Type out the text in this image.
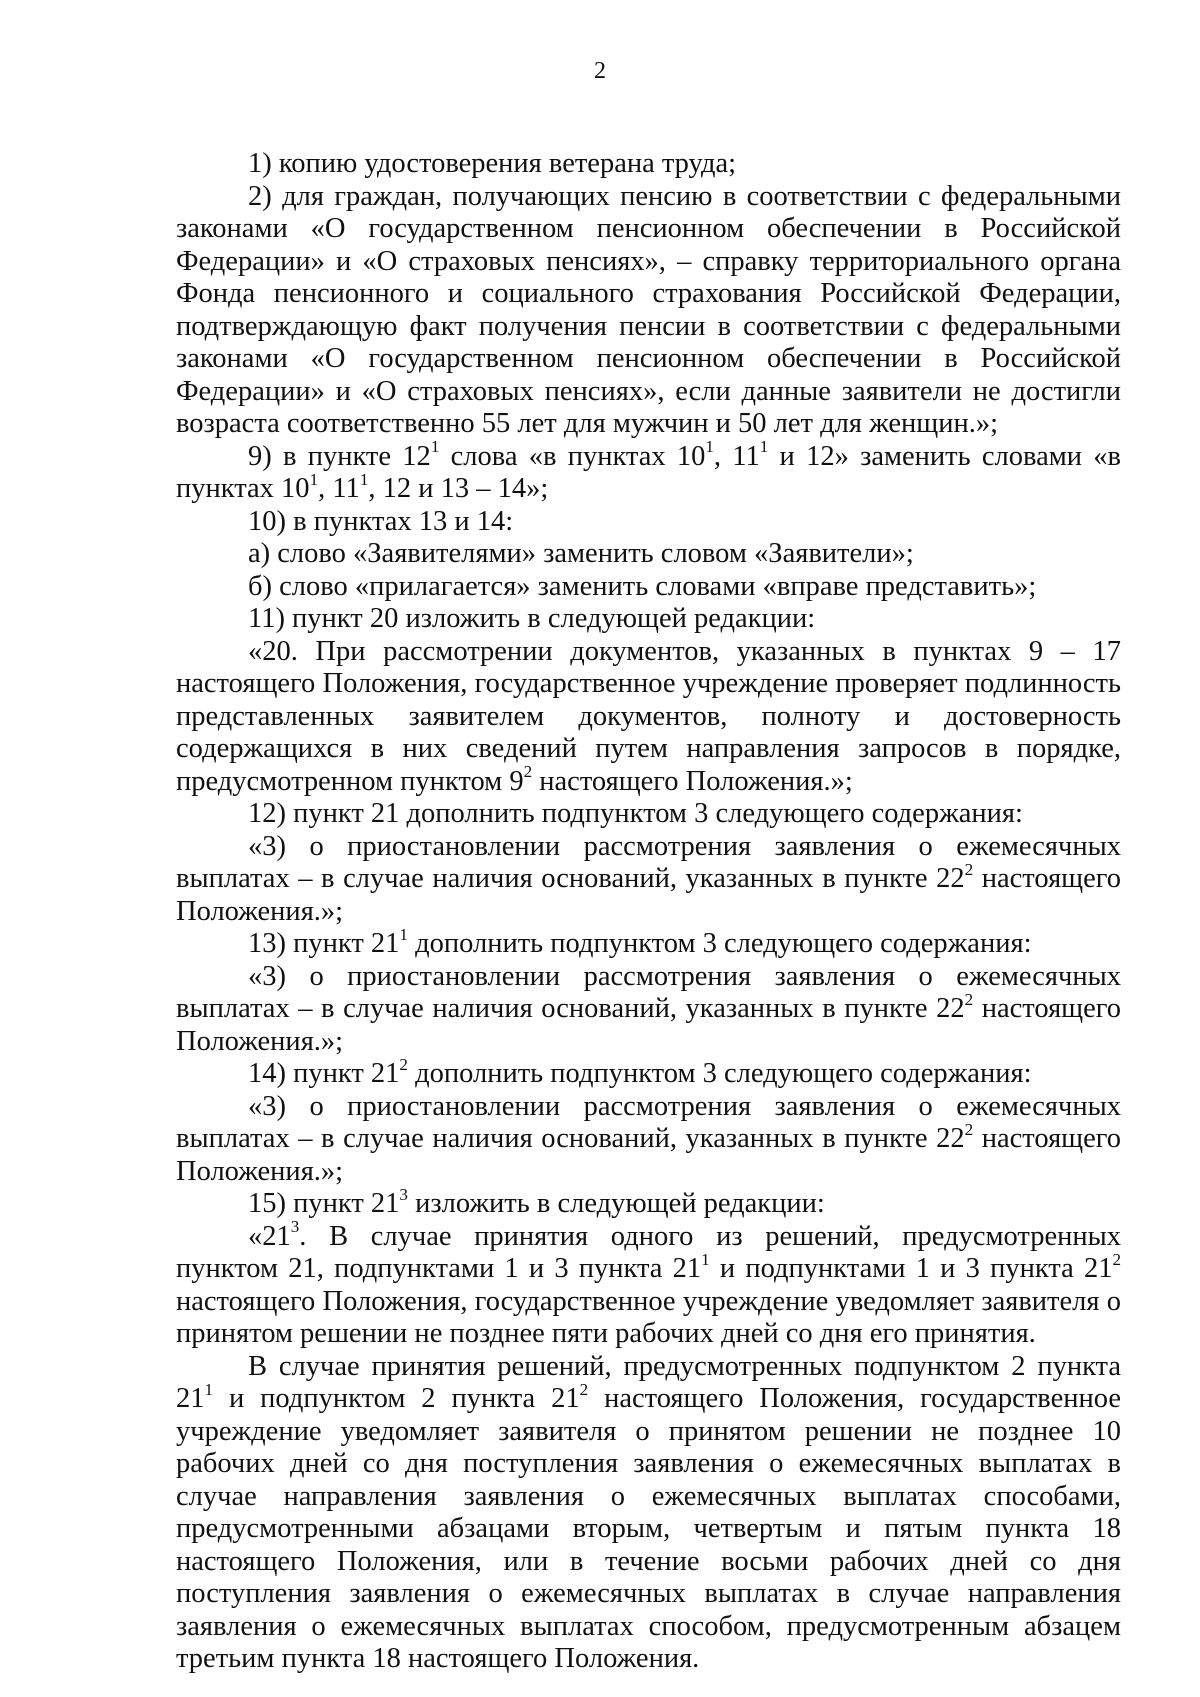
2

1) копию удостоверения ветерана труда;

2) для граждан, получающих пенсию в соответствии с федеральными законами «О государственном пенсионном обеспечении в Российской Федерации» и «О страховых пенсиях», – справку территориального органа Фонда пенсионного и социального страхования Российской Федерации, подтверждающую факт получения пенсии в соответствии с федеральными законами «О государственном пенсионном обеспечении в Российской Федерации» и «О страховых пенсиях», если данные заявители не достигли возраста соответственно 55 лет для мужчин и 50 лет для женщин.»;

9) в пункте $12^1$ слова «в пунктах $10^1$, $11^1$ и 12» заменить словами «в пунктах $10^1$, $11^1$, 12 и 13 – 14»;

10) в пунктах 13 и 14:

а) слово «Заявителями» заменить словом «Заявители»;

б) слово «прилагается» заменить словами «вправе представить»;

11) пункт 20 изложить в следующей редакции:

«20. При рассмотрении документов, указанных в пунктах 9 – 17 настоящего Положения, государственное учреждение проверяет подлинность представленных заявителем документов, полноту и достоверность содержащихся в них сведений путем направления запросов в порядке, предусмотренном пунктом $9^2$ настоящего Положения.»;

12) пункт 21 дополнить подпунктом 3 следующего содержания:

«3) о приостановлении рассмотрения заявления о ежемесячных выплатах – в случае наличия оснований, указанных в пункте $22^2$ настоящего Положения.»;

13) пункт $21^1$ дополнить подпунктом 3 следующего содержания:

«3) о приостановлении рассмотрения заявления о ежемесячных выплатах – в случае наличия оснований, указанных в пункте $22^2$ настоящего Положения.»;

14) пункт $21^2$ дополнить подпунктом 3 следующего содержания:

«3) о приостановлении рассмотрения заявления о ежемесячных выплатах – в случае наличия оснований, указанных в пункте $22^2$ настоящего Положения.»;

15) пункт $21^3$ изложить в следующей редакции:

«$21^3$. В случае принятия одного из решений, предусмотренных пунктом 21, подпунктами 1 и 3 пункта $21^1$ и подпунктами 1 и 3 пункта $21^2$ настоящего Положения, государственное учреждение уведомляет заявителя о принятом решении не позднее пяти рабочих дней со дня его принятия.

В случае принятия решений, предусмотренных подпунктом 2 пункта $21^1$ и подпунктом 2 пункта $21^2$ настоящего Положения, государственное учреждение уведомляет заявителя о принятом решении не позднее 10 рабочих дней со дня поступления заявления о ежемесячных выплатах в случае направления заявления о ежемесячных выплатах способами, предусмотренными абзацами вторым, четвертым и пятым пункта 18 настоящего Положения, или в течение восьми рабочих дней со дня поступления заявления о ежемесячных выплатах в случае направления заявления о ежемесячных выплатах способом, предусмотренным абзацем третьим пункта 18 настоящего Положения.
